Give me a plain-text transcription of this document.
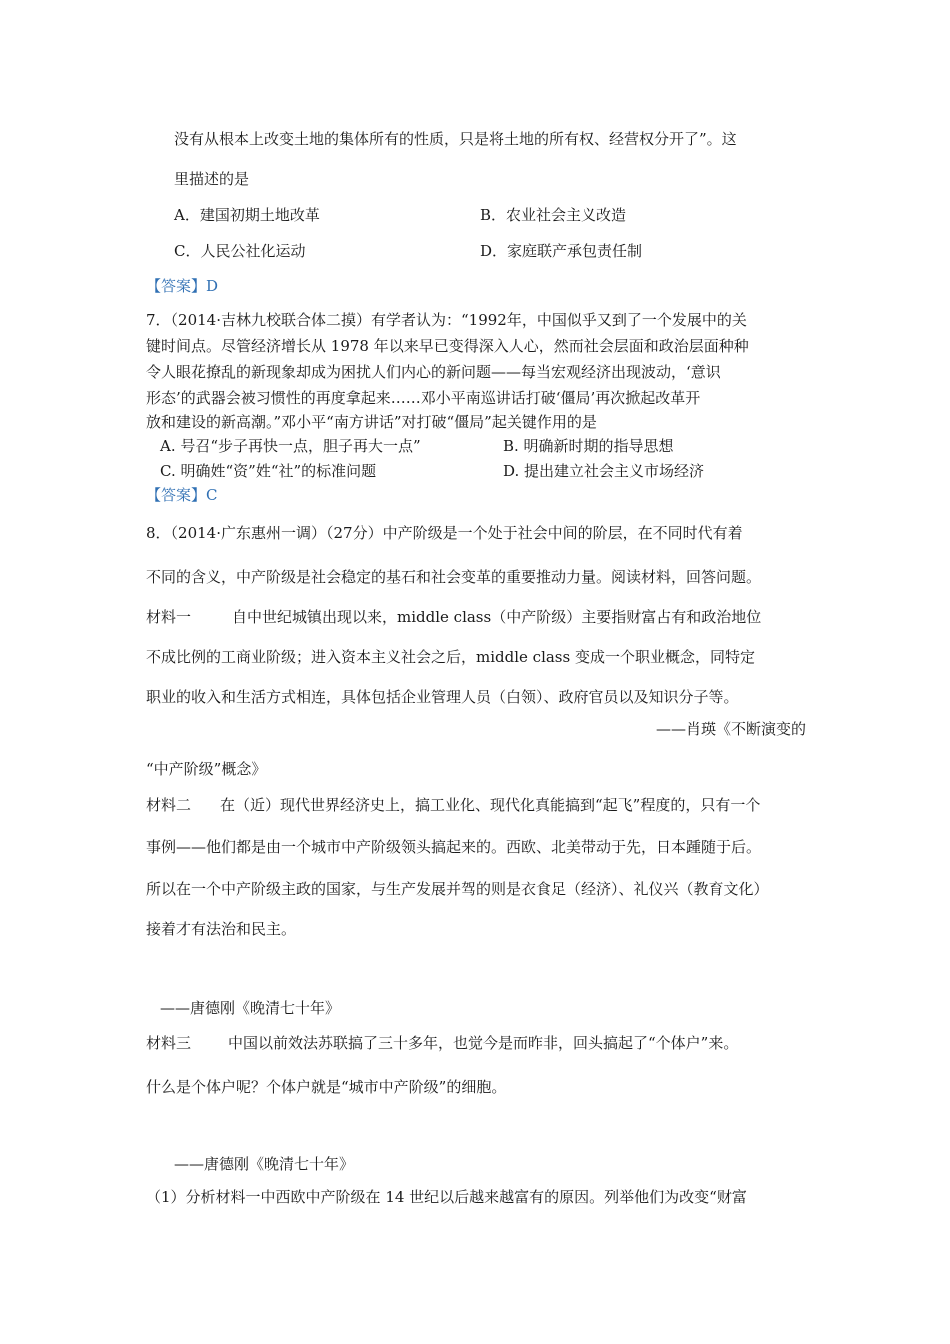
没有从根本上改变土地的集体所有的性质，只是将土地的所有权、经营权分开了”。这
里描述的是
A．建国初期土地改革	B．农业社会主义改造
C．人民公社化运动	D．家庭联产承包责任制
【答案】D
7．（2014·吉林九校联合体二摸）有学者认为：“1992年，中国似乎又到了一个发展中的关
键时间点。尽管经济增长从 1978 年以来早已变得深入人心，然而社会层面和政治层面种种
令人眼花撩乱的新现象却成为困扰人们内心的新问题——每当宏观经济出现波动，‘意识
形态’的武器会被习惯性的再度拿起来……邓小平南巡讲话打破‘僵局’再次掀起改革开
放和建设的新高潮。”邓小平“南方讲话”对打破“僵局”起关键作用的是
A. 号召“步子再快一点，胆子再大一点”	B. 明确新时期的指导思想
C. 明确姓“资”姓“社”的标准问题	D. 提出建立社会主义市场经济
【答案】C
8．（2014·广东惠州一调）（27分）中产阶级是一个处于社会中间的阶层，在不同时代有着
不同的含义，中产阶级是社会稳定的基石和社会变革的重要推动力量。阅读材料，回答问题。
材料一	自中世纪城镇出现以来，middle class（中产阶级）主要指财富占有和政治地位
不成比例的工商业阶级；进入资本主义社会之后，middle class 变成一个职业概念，同特定
职业的收入和生活方式相连，具体包括企业管理人员（白领）、政府官员以及知识分子等。
——肖瑛《不断演变的
“中产阶级”概念》
材料二 在（近）现代世界经济史上，搞工业化、现代化真能搞到“起飞”程度的，只有一个
事例——他们都是由一个城市中产阶级领头搞起来的。西欧、北美带动于先，日本踵随于后。
所以在一个中产阶级主政的国家，与生产发展并驾的则是衣食足（经济）、礼仪兴（教育文化）
接着才有法治和民主。
——唐德刚《晚清七十年》
材料三 中国以前效法苏联搞了三十多年，也觉今是而昨非，回头搞起了“个体户”来。
什么是个体户呢？个体户就是“城市中产阶级”的细胞。
——唐德刚《晚清七十年》
（1）分析材料一中西欧中产阶级在 14 世纪以后越来越富有的原因。列举他们为改变“财富
